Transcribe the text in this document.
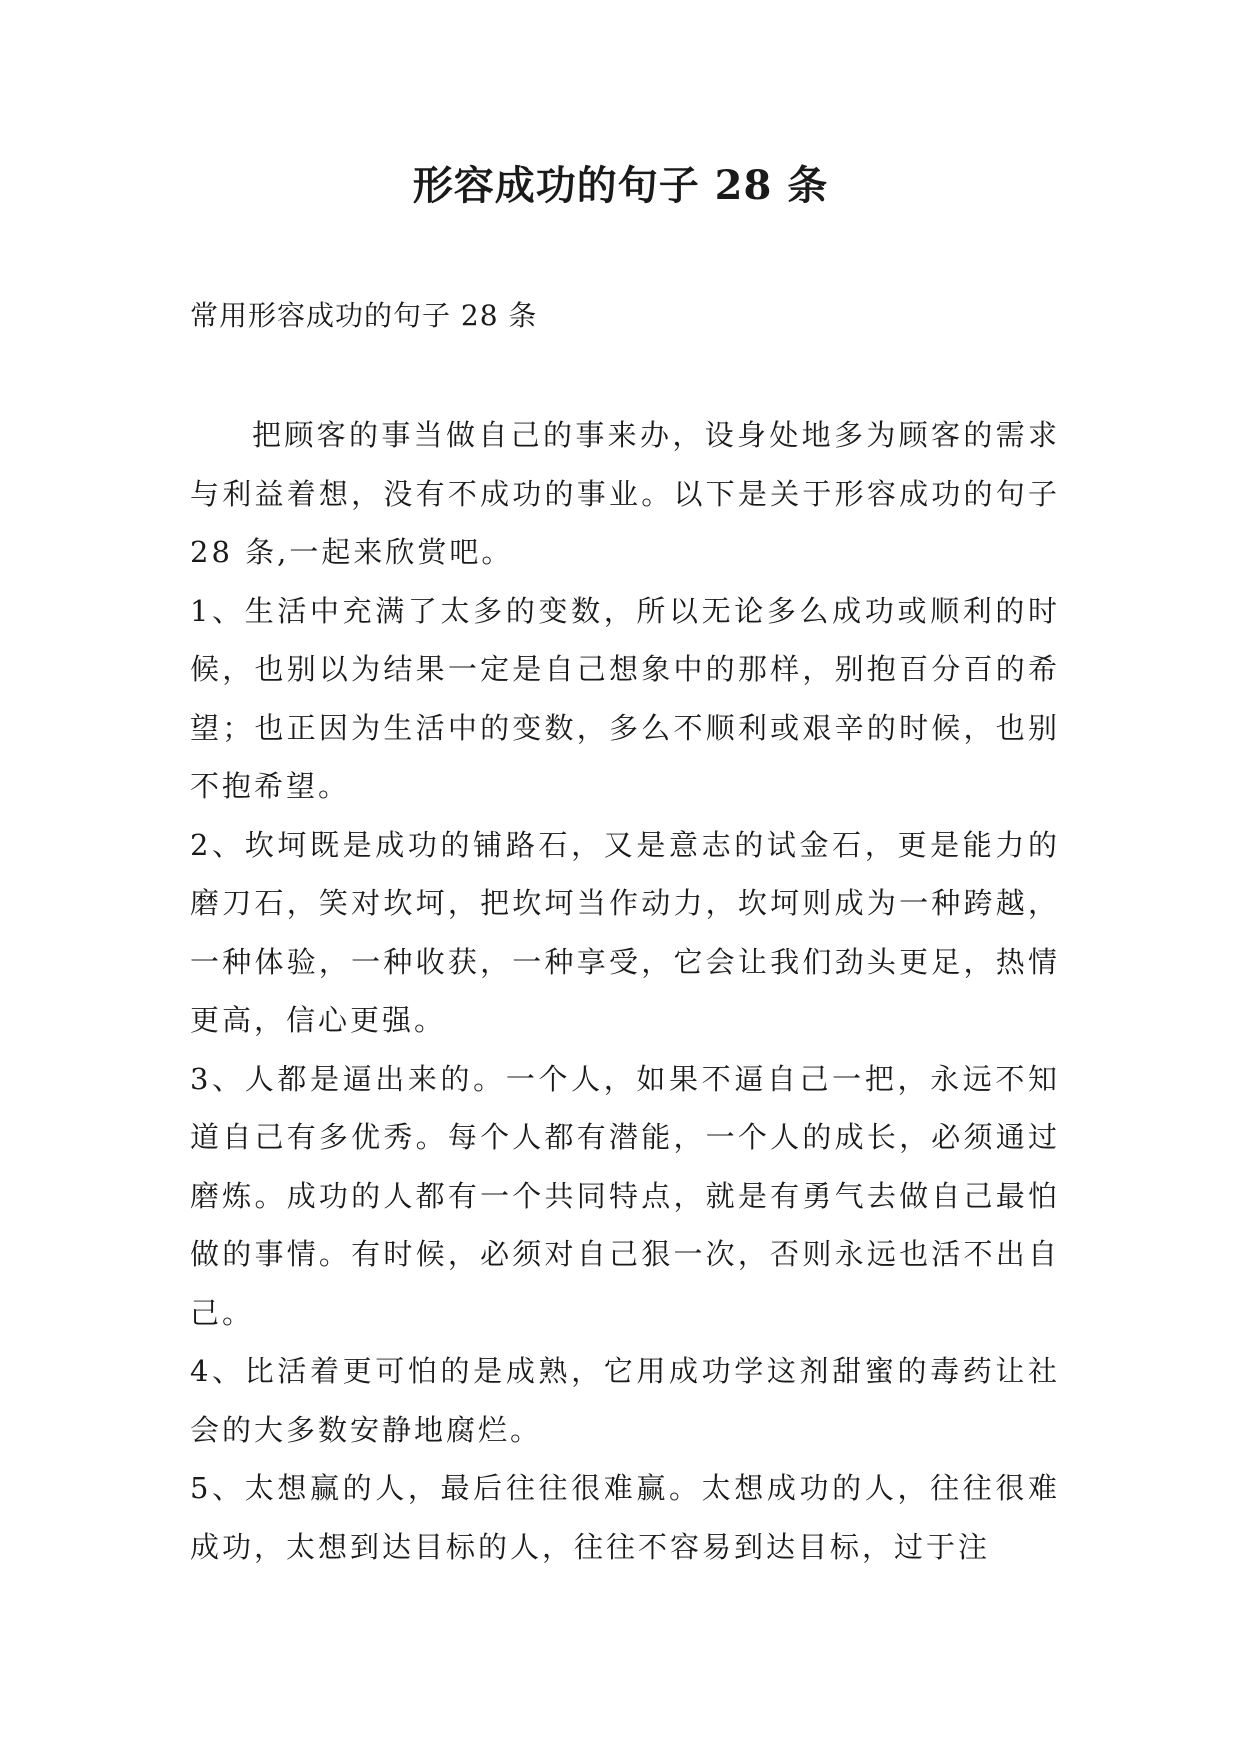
形容成功的句子 28 条

常用形容成功的句子 28 条

把顾客的事当做自己的事来办，设身处地多为顾客的需求与利益着想，没有不成功的事业。以下是关于形容成功的句子 28 条,一起来欣赏吧。

1、生活中充满了太多的变数，所以无论多么成功或顺利的时候，也别以为结果一定是自己想象中的那样，别抱百分百的希望；也正因为生活中的变数，多么不顺利或艰辛的时候，也别不抱希望。

2、坎坷既是成功的铺路石，又是意志的试金石，更是能力的磨刀石，笑对坎坷，把坎坷当作动力，坎坷则成为一种跨越，一种体验，一种收获，一种享受，它会让我们劲头更足，热情更高，信心更强。

3、人都是逼出来的。一个人，如果不逼自己一把，永远不知道自己有多优秀。每个人都有潜能，一个人的成长，必须通过磨炼。成功的人都有一个共同特点，就是有勇气去做自己最怕做的事情。有时候，必须对自己狠一次，否则永远也活不出自己。

4、比活着更可怕的是成熟，它用成功学这剂甜蜜的毒药让社会的大多数安静地腐烂。

5、太想赢的人，最后往往很难赢。太想成功的人，往往很难成功，太想到达目标的人，往往不容易到达目标，过于注
